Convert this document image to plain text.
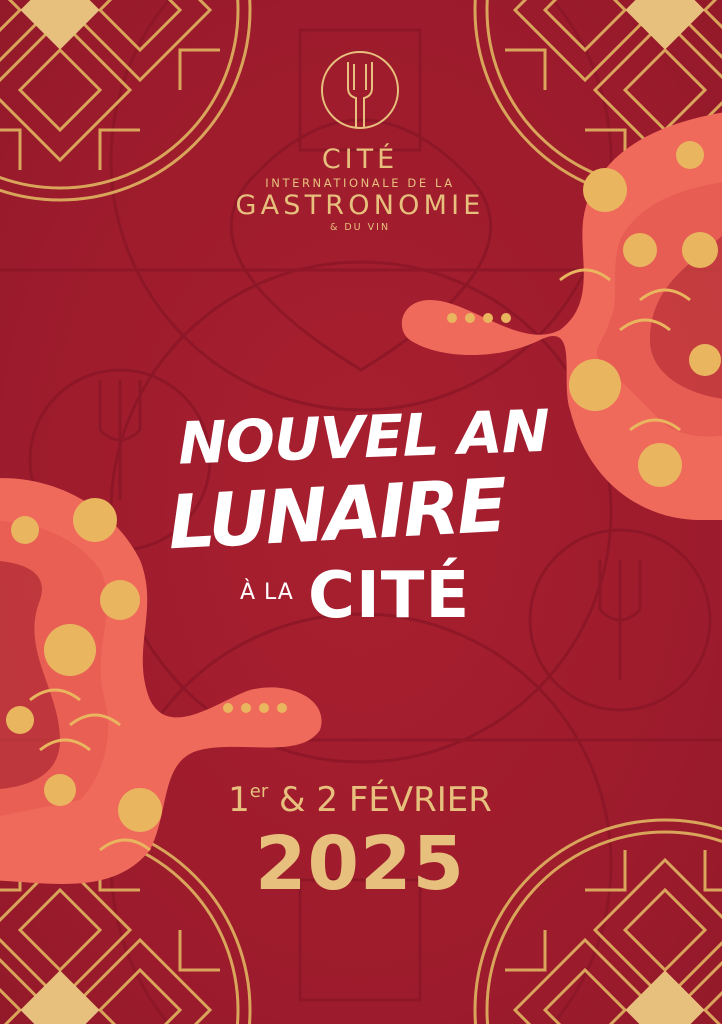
CITÉ
INTERNATIONALE DE LA
GASTRONOMIE
& DU VIN
NOUVEL AN
LUNAIRE
À LA CITÉ
1er & 2 FÉVRIER
2025
